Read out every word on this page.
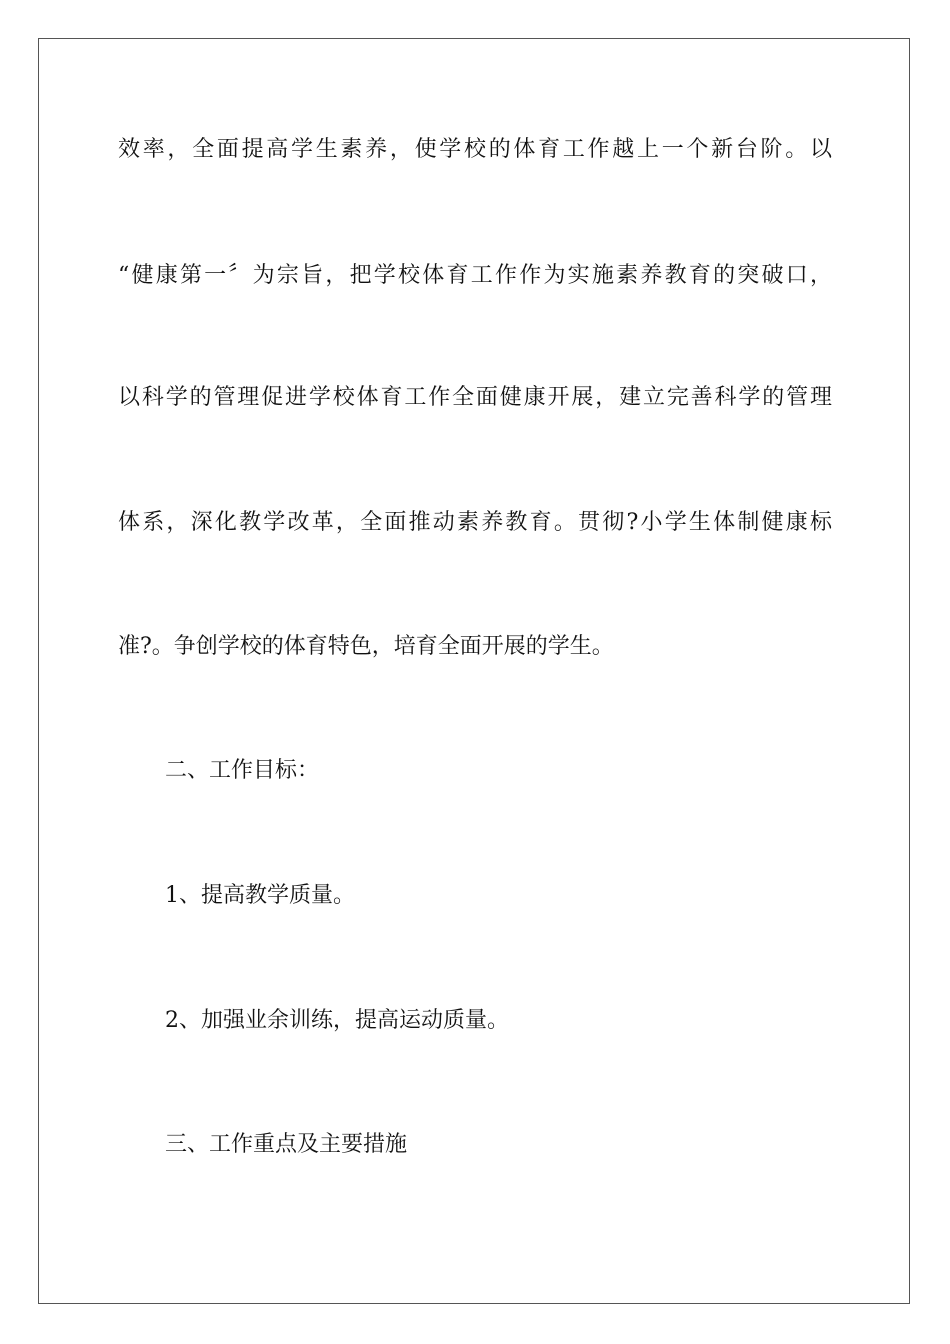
效率，全面提高学生素养，使学校的体育工作越上一个新台阶。以
“健康第一〞为宗旨，把学校体育工作作为实施素养教育的突破口，
以科学的管理促进学校体育工作全面健康开展，建立完善科学的管理
体系，深化教学改革，全面推动素养教育。贯彻?小学生体制健康标
准?。争创学校的体育特色，培育全面开展的学生。
二、工作目标：
1、提高教学质量。
2、加强业余训练，提高运动质量。
三、工作重点及主要措施
